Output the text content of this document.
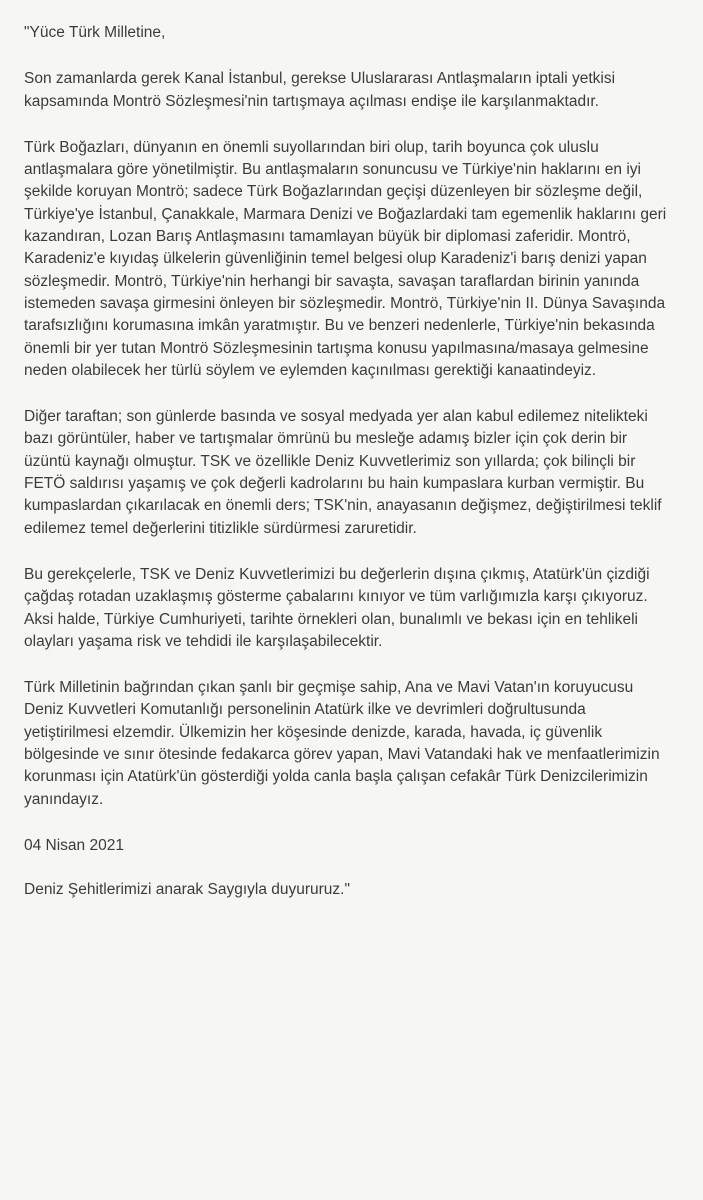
"Yüce Türk Milletine,

Son zamanlarda gerek Kanal İstanbul, gerekse Uluslararası Antlaşmaların iptali yetkisi kapsamında Montrö Sözleşmesi'nin tartışmaya açılması endişe ile karşılanmaktadır.

Türk Boğazları, dünyanın en önemli suyollarından biri olup, tarih boyunca çok uluslu antlaşmalara göre yönetilmiştir. Bu antlaşmaların sonuncusu ve Türkiye'nin haklarını en iyi şekilde koruyan Montrö; sadece Türk Boğazlarından geçişi düzenleyen bir sözleşme değil, Türkiye'ye İstanbul, Çanakkale, Marmara Denizi ve Boğazlardaki tam egemenlik haklarını geri kazandıran, Lozan Barış Antlaşmasını tamamlayan büyük bir diplomasi zaferidir. Montrö, Karadeniz'e kıyıdaş ülkelerin güvenliğinin temel belgesi olup Karadeniz'i barış denizi yapan sözleşmedir. Montrö, Türkiye'nin herhangi bir savaşta, savaşan taraflardan birinin yanında istemeden savaşa girmesini önleyen bir sözleşmedir. Montrö, Türkiye'nin II. Dünya Savaşında tarafsızlığını korumasına imkân yaratmıştır. Bu ve benzeri nedenlerle, Türkiye'nin bekasında önemli bir yer tutan Montrö Sözleşmesinin tartışma konusu yapılmasına/masaya gelmesine neden olabilecek her türlü söylem ve eylemden kaçınılması gerektiği kanaatindeyiz.

Diğer taraftan; son günlerde basında ve sosyal medyada yer alan kabul edilemez nitelikteki bazı görüntüler, haber ve tartışmalar ömrünü bu mesleğe adamış bizler için çok derin bir üzüntü kaynağı olmuştur. TSK ve özellikle Deniz Kuvvetlerimiz son yıllarda; çok bilinçli bir FETÖ saldırısı yaşamış ve çok değerli kadrolarını bu hain kumpaslara kurban vermiştir. Bu kumpaslardan çıkarılacak en önemli ders; TSK'nin, anayasanın değişmez, değiştirilmesi teklif edilemez temel değerlerini titizlikle sürdürmesi zaruretidir.

Bu gerekçelerle, TSK ve Deniz Kuvvetlerimizi bu değerlerin dışına çıkmış, Atatürk'ün çizdiği çağdaş rotadan uzaklaşmış gösterme çabalarını kınıyor ve tüm varlığımızla karşı çıkıyoruz. Aksi halde, Türkiye Cumhuriyeti, tarihte örnekleri olan, bunalımlı ve bekası için en tehlikeli olayları yaşama risk ve tehdidi ile karşılaşabilecektir.

Türk Milletinin bağrından çıkan şanlı bir geçmişe sahip, Ana ve Mavi Vatan'ın koruyucusu Deniz Kuvvetleri Komutanlığı personelinin Atatürk ilke ve devrimleri doğrultusunda yetiştirilmesi elzemdir. Ülkemizin her köşesinde denizde, karada, havada, iç güvenlik bölgesinde ve sınır ötesinde fedakarca görev yapan, Mavi Vatandaki hak ve menfaatlerimizin korunması için Atatürk'ün gösterdiği yolda canla başla çalışan cefakâr Türk Denizcilerimizin yanındayız.

04 Nisan 2021

Deniz Şehitlerimizi anarak Saygıyla duyururuz."
